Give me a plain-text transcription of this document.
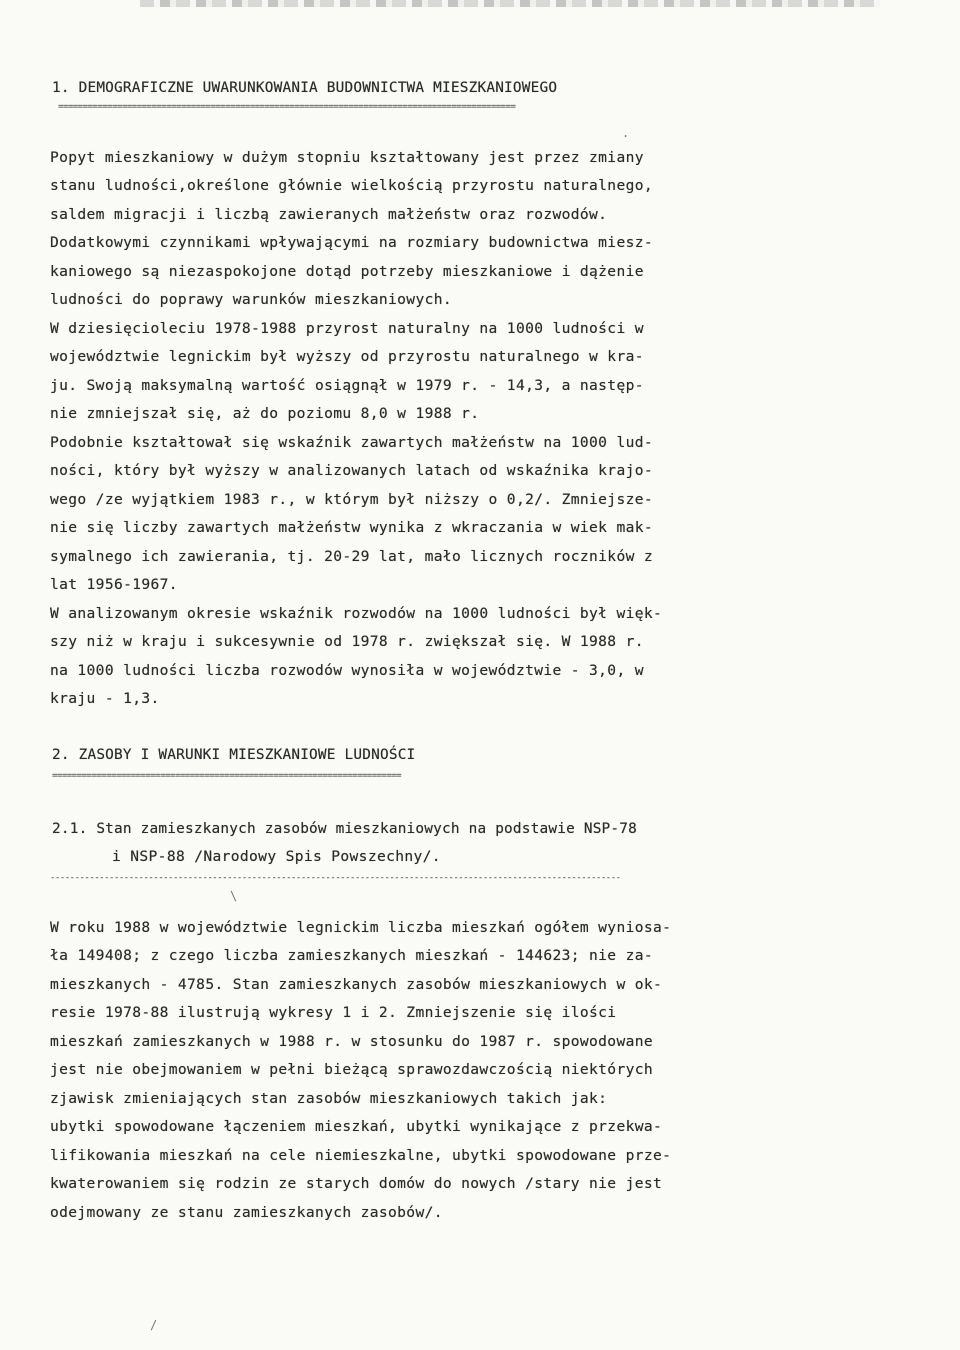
1. DEMOGRAFICZNE UWARUNKOWANIA BUDOWNICTWA MIESZKANIOWEGO
=============================================================================================
.
Popyt mieszkaniowy w dużym stopniu kształtowany jest przez zmiany
stanu ludności,określone głównie wielkością przyrostu naturalnego,
saldem migracji i liczbą zawieranych małżeństw oraz rozwodów.
Dodatkowymi czynnikami wpływającymi na rozmiary budownictwa miesz-
kaniowego są niezaspokojone dotąd potrzeby mieszkaniowe i dążenie
ludności do poprawy warunków mieszkaniowych.
W dziesięcioleciu 1978-1988 przyrost naturalny na 1000 ludności w
województwie legnickim był wyższy od przyrostu naturalnego w kra-
ju. Swoją maksymalną wartość osiągnął w 1979 r. - 14,3, a następ-
nie zmniejszał się, aż do poziomu 8,0 w 1988 r.
Podobnie kształtował się wskaźnik zawartych małżeństw na 1000 lud-
ności, który był wyższy w analizowanych latach od wskaźnika krajo-
wego /ze wyjątkiem 1983 r., w którym był niższy o 0,2/. Zmniejsze-
nie się liczby zawartych małżeństw wynika z wkraczania w wiek mak-
symalnego ich zawierania, tj. 20-29 lat, mało licznych roczników z
lat 1956-1967.
W analizowanym okresie wskaźnik rozwodów na 1000 ludności był więk-
szy niż w kraju i sukcesywnie od 1978 r. zwiększał się. W 1988 r.
na 1000 ludności liczba rozwodów wynosiła w województwie - 3,0, w
kraju - 1,3.
2. ZASOBY I WARUNKI MIESZKANIOWE LUDNOŚCI
=======================================================================
2.1. Stan zamieszkanych zasobów mieszkaniowych na podstawie NSP-78
i NSP-88 /Narodowy Spis Powszechny/.
--------------------------------------------------------------------------------------------------------------------
\
W roku 1988 w województwie legnickim liczba mieszkań ogółem wyniosa-
ła 149408; z czego liczba zamieszkanych mieszkań - 144623; nie za-
mieszkanych - 4785. Stan zamieszkanych zasobów mieszkaniowych w ok-
resie 1978-88 ilustrują wykresy 1 i 2. Zmniejszenie się ilości
mieszkań zamieszkanych w 1988 r. w stosunku do 1987 r. spowodowane
jest nie obejmowaniem w pełni bieżącą sprawozdawczością niektórych
zjawisk zmieniających stan zasobów mieszkaniowych takich jak:
ubytki spowodowane łączeniem mieszkań, ubytki wynikające z przekwa-
lifikowania mieszkań na cele niemieszkalne, ubytki spowodowane prze-
kwaterowaniem się rodzin ze starych domów do nowych /stary nie jest
odejmowany ze stanu zamieszkanych zasobów/.
/
